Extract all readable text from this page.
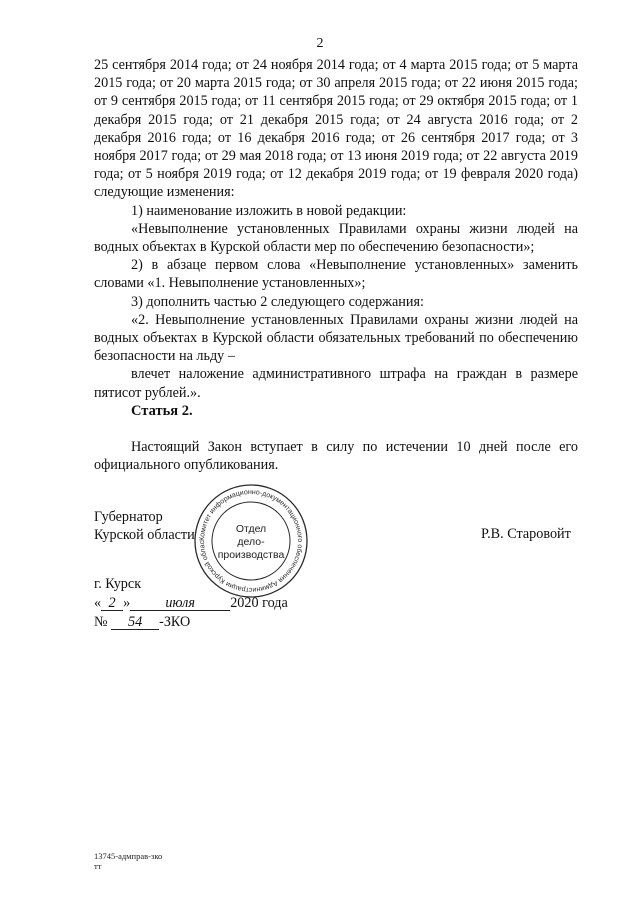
2

25 сентября 2014 года; от 24 ноября 2014 года; от 4 марта 2015 года; от 5 марта 2015 года; от 20 марта 2015 года; от 30 апреля 2015 года; от 22 июня 2015 года; от 9 сентября 2015 года; от 11 сентября 2015 года; от 29 октября 2015 года; от 1 декабря 2015 года; от 21 декабря 2015 года; от 24 августа 2016 года; от 2 декабря 2016 года; от 16 декабря 2016 года; от 26 сентября 2017 года; от 3 ноября 2017 года; от 29 мая 2018 года; от 13 июня 2019 года; от 22 августа 2019 года; от 5 ноября 2019 года; от 12 декабря 2019 года; от 19 февраля 2020 года) следующие изменения:

1) наименование изложить в новой редакции:

«Невыполнение установленных Правилами охраны жизни людей на водных объектах в Курской области мер по обеспечению безопасности»;

2) в абзаце первом слова «Невыполнение установленных» заменить словами «1. Невыполнение установленных»;

3) дополнить частью 2 следующего содержания:

«2. Невыполнение установленных Правилами охраны жизни людей на водных объектах в Курской области обязательных требований по обеспечению безопасности на льду –

влечет наложение административного штрафа на граждан в размере пятисот рублей.».

Статья 2.

Настоящий Закон вступает в силу по истечении 10 дней после его официального опубликования.

Губернатор
Курской области	Р.В. Старовойт
Комитет информационно-документационного обеспечения Администрации Курской облас
Отдел
дело-
производства
г. Курск
« 2 » июля 2020 года
№ 54 -ЗКО
13745-адмправ-зко
тт
